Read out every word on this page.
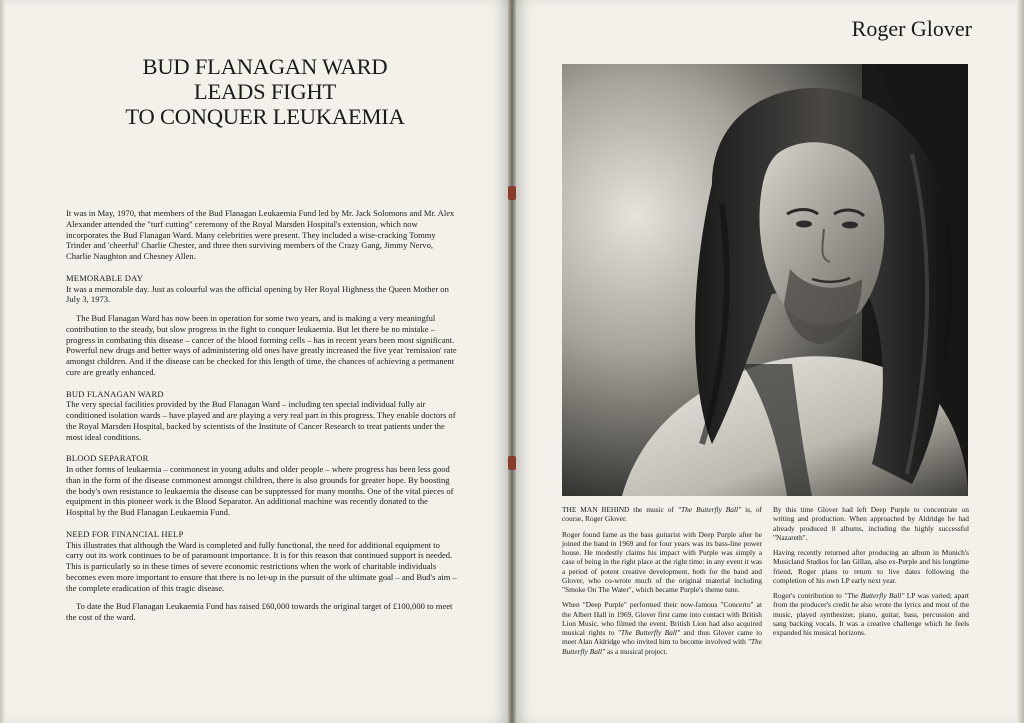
BUD FLANAGAN WARD
LEADS FIGHT
TO CONQUER LEUKAEMIA

It was in May, 1970, that members of the Bud Flanagan Leukaemia Fund led by Mr. Jack Solomons and Mr. Alex Alexander attended the "turf cutting" ceremony of the Royal Marsden Hospital's extension, which now incorporates the Bud Flanagan Ward. Many celebrities were present. They included a wise-cracking Tommy Trinder and 'cheerful' Charlie Chester, and three then surviving members of the Crazy Gang, Jimmy Nervo, Charlie Naughton and Chesney Allen.

MEMORABLE DAY

It was a memorable day. Just as colourful was the official opening by Her Royal Highness the Queen Mother on July 3, 1973.

The Bud Flanagan Ward has now been in operation for some two years, and is making a very meaningful contribution to the steady, but slow progress in the fight to conquer leukaemia. But let there be no mistake – progress in combating this disease – cancer of the blood forming cells – has in recent years been most significant. Powerful new drugs and better ways of administering old ones have greatly increased the five year 'remission' rate amongst children. And if the disease can be checked for this length of time, the chances of achieving a permanent cure are greatly enhanced.

BUD FLANAGAN WARD

The very special facilities provided by the Bud Flanagan Ward – including ten special individual fully air conditioned isolation wards – have played and are playing a very real part in this progress. They enable doctors of the Royal Marsden Hospital, backed by scientists of the Institute of Cancer Research to treat patients under the most ideal conditions.

BLOOD SEPARATOR

In other forms of leukaemia – commonest in young adults and older people – where progress has been less good than in the form of the disease commonest amongst children, there is also grounds for greater hope. By boosting the body's own resistance to leukaemia the disease can be suppressed for many months. One of the vital pieces of equipment in this pioneer work is the Blood Separator. An additional machine was recently donated to the Hospital by the Bud Flanagan Leukaemia Fund.

NEED FOR FINANCIAL HELP

This illustrates that although the Ward is completed and fully functional, the need for additional equipment to carry out its work continues to be of paramount importance. It is for this reason that continued support is needed. This is particularly so in these times of severe economic restrictions when the work of charitable individuals becomes even more important to ensure that there is no let-up in the pursuit of the ultimate goal – and Bud's aim – the complete eradication of this tragic disease.

To date the Bud Flanagan Leukaemia Fund has raised £60,000 towards the original target of £100,000 to meet the cost of the ward.

Roger Glover

THE MAN BEHIND the music of "The Butterfly Ball" is, of course, Roger Glover.

Roger found fame as the bass guitarist with Deep Purple after he joined the band in 1969 and for four years was its bass-line power house. He modestly claims his impact with Purple was simply a case of being in the right place at the right time: in any event it was a period of potent creative development, both for the band and Glover, who co-wrote much of the original material including "Smoke On The Water", which became Purple's theme tune.

When "Deep Purple" performed their now-famous "Concerto" at the Albert Hall in 1969, Glover first came into contact with British Lion Music, who filmed the event. British Lion had also acquired musical rights to "The Butterfly Ball" and thus Glover came to meet Alan Aldridge who invited him to become involved with "The Butterfly Ball" as a musical project.

By this time Glover had left Deep Purple to concentrate on writing and production. When approached by Aldridge he had already produced 8 albums, including the highly successful "Nazareth".

Having recently returned after producing an album in Munich's Musicland Studios for Ian Gillan, also ex-Purple and his longtime friend, Roger plans to return to live dates following the completion of his own LP early next year.

Roger's contribution to "The Butterfly Ball" LP was varied; apart from the producer's credit he also wrote the lyrics and most of the music, played synthesizer, piano, guitar, bass, percussion and sang backing vocals. It was a creative challenge which he feels expanded his musical horizons.
